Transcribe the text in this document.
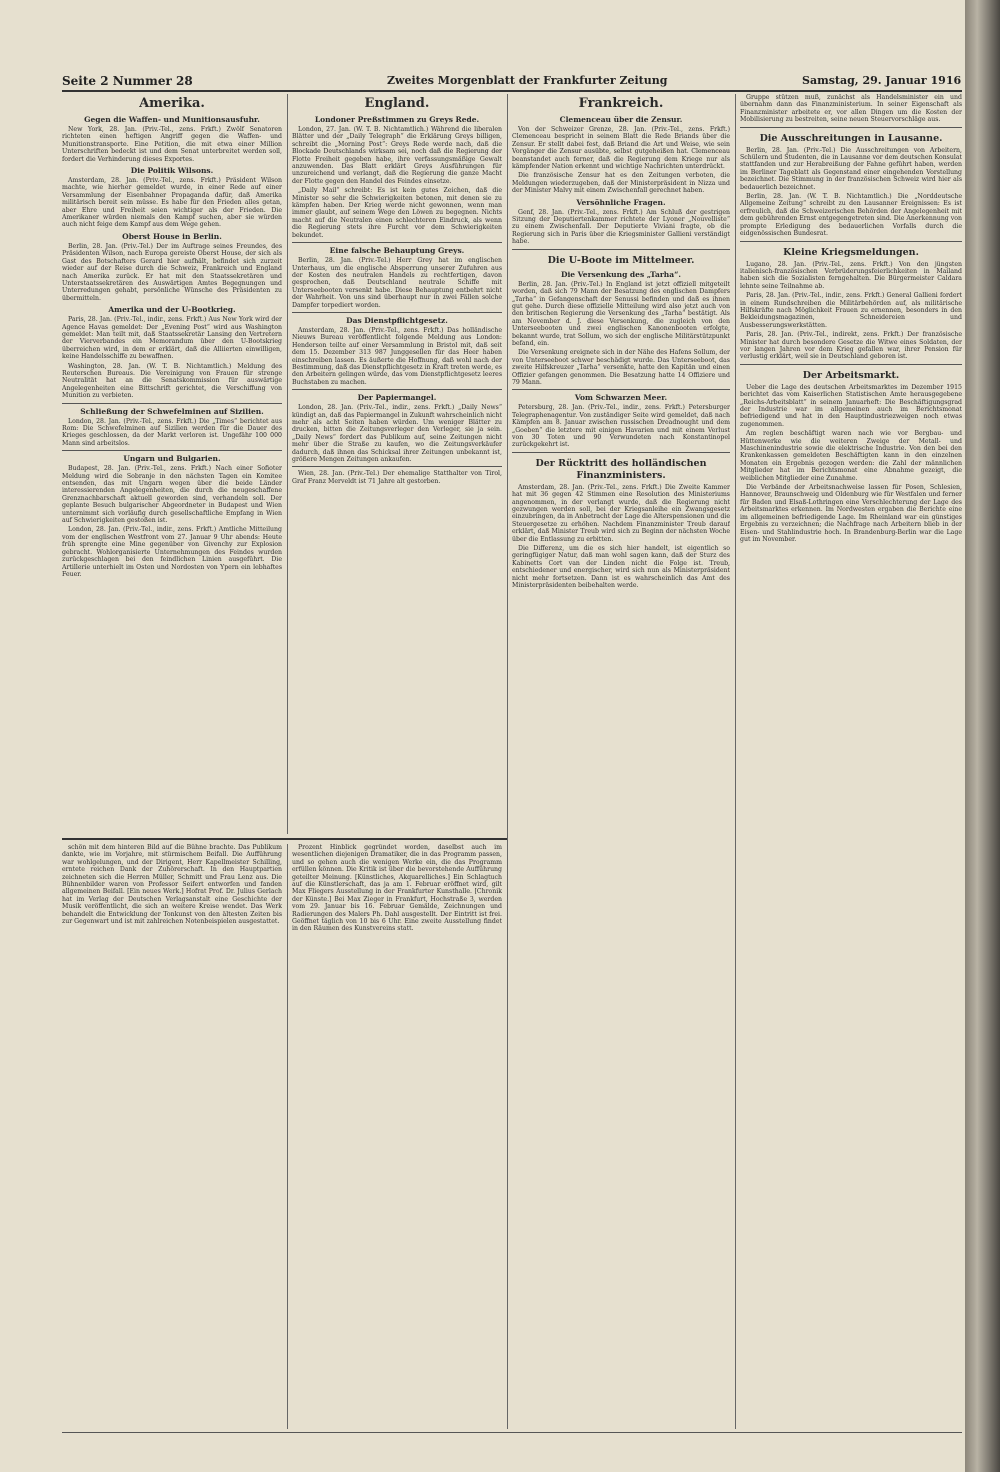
Seite 2 Nummer 28	Zweites Morgenblatt der Frankfurter Zeitung	Samstag, 29. Januar 1916
Amerika.
Gegen die Waffen- und Munitionsausfuhr.

New York, 28. Jan. (Priv.-Tel., zens. Frkft.) Zwölf Senatoren richteten einen heftigen Angriff gegen die Waffen- und Munitionstransporte. Eine Petition, die mit etwa einer Million Unterschriften bedeckt ist und dem Senat unterbreitet werden soll, fordert die Verhinderung dieses Exportes.

Die Politik Wilsons.

Amsterdam, 28. Jan. (Priv.-Tel., zens. Frkft.) Präsident Wilson machte, wie hierher gemeldet wurde, in einer Rede auf einer Versammlung der Eisenbahner Propaganda dafür, daß Amerika militärisch bereit sein müsse. Es habe für den Frieden alles getan, aber Ehre und Freiheit seien wichtiger als der Frieden. Die Amerikaner würden niemals den Kampf suchen, aber sie würden auch nicht feige dem Kampf aus dem Wege gehen.

Oberst House in Berlin.

Berlin, 28. Jan. (Priv.-Tel.) Der im Auftrage seines Freundes, des Präsidenten Wilson, nach Europa gereiste Oberst House, der sich als Gast des Botschafters Gerard hier aufhält, befindet sich zurzeit wieder auf der Reise durch die Schweiz, Frankreich und England nach Amerika zurück. Er hat mit den Staatssekretären und Unterstaatssekretären des Auswärtigen Amtes Begegnungen und Unterredungen gehabt, persönliche Wünsche des Präsidenten zu übermitteln.

Amerika und der U-Bootkrieg.

Paris, 28. Jan. (Priv.-Tel., indir., zens. Frkft.) Aus New York wird der Agence Havas gemeldet: Der „Evening Post“ wird aus Washington gemeldet: Man teilt mit, daß Staatssekretär Lansing den Vertretern der Vierverbandes ein Memorandum über den U-Bootskrieg überreichen wird, in dem er erklärt, daß die Alliierten einwilligen, keine Handelsschiffe zu bewaffnen.

Washington, 28. Jan. (W. T. B. Nichtamtlich.) Meldung des Reuterschen Bureaus. Die Vereinigung von Frauen für strenge Neutralität hat an die Senatskommission für auswärtige Angelegenheiten eine Bittschrift gerichtet, die Verschiffung von Munition zu verbieten.

Schließung der Schwefelminen auf Sizilien.

London, 28. Jan. (Priv.-Tel., zens. Frkft.) Die „Times“ berichtet aus Rom: Die Schwefelminen auf Sizilien werden für die Dauer des Krieges geschlossen, da der Markt verloren ist. Ungefähr 100 000 Mann sind arbeitslos.

Ungarn und Bulgarien.

Budapest, 28. Jan. (Priv.-Tel., zens. Frkft.) Nach einer Sofioter Meldung wird die Sobranje in den nächsten Tagen ein Komitee entsenden, das mit Ungarn wegen über die beide Länder interessierenden Angelegenheiten, die durch die neugeschaffene Grenznachbarschaft aktuell geworden sind, verhandeln soll. Der geplante Besuch bulgarischer Abgeordneter in Budapest und Wien unternimmt sich vorläufig durch gesellschaftliche Empfang in Wien auf Schwierigkeiten gestoßen ist.

London, 28. Jan. (Priv.-Tel., indir., zens. Frkft.) Amtliche Mitteilung vom der englischen Westfront vom 27. Januar 9 Uhr abends: Heute früh sprengte eine Mine gegenüber von Givenchy zur Explosion gebracht. Wohlorganisierte Unternehmungen des Feindes wurden zurückgeschlagen bei den feindlichen Linien ausgeführt. Die Artillerie unterhielt im Osten und Nordosten von Ypern ein lebhaftes Feuer.

England.
Londoner Preßstimmen zu Greys Rede.

London, 27. Jan. (W. T. B. Nichtamtlich.) Während die liberalen Blätter und der „Daily Telegraph“ die Erklärung Greys billigen, schreibt die „Morning Post“: Greys Rede werde nach, daß die Blockade Deutschlands wirksam sei, noch daß die Regierung der Flotte Freiheit gegeben habe, ihre verfassungsmäßige Gewalt anzuwenden. Das Blatt erklärt Greys Ausführungen für unzureichend und verlangt, daß die Regierung die ganze Macht der Flotte gegen den Handel des Feindes einsetze.

„Daily Mail“ schreibt: Es ist kein gutes Zeichen, daß die Minister so sehr die Schwierigkeiten betonen, mit denen sie zu kämpfen haben. Der Krieg werde nicht gewonnen, wenn man immer glaubt, auf seinem Wege den Löwen zu begegnen. Nichts macht auf die Neutralen einen schlechteren Eindruck, als wenn die Regierung stets ihre Furcht vor dem Schwierigkeiten bekundet.

Eine falsche Behauptung Greys.

Berlin, 28. Jan. (Priv.-Tel.) Herr Grey hat im englischen Unterhaus, um die englische Absperrung unserer Zufuhren aus der Kosten des neutralen Handels zu rechtfertigen, davon gesprochen, daß Deutschland neutrale Schiffe mit Unterseebooten versenkt habe. Diese Behauptung entbehrt nicht der Wahrheit. Von uns sind überhaupt nur in zwei Fällen solche Dampfer torpediert worden.

Das Dienstpflichtgesetz.

Amsterdam, 28. Jan. (Priv.-Tel., zens. Frkft.) Das holländische Nieuws Bureau veröffentlicht folgende Meldung aus London: Henderson teilte auf einer Versammlung in Bristol mit, daß seit dem 15. Dezember 313 987 Junggesellen für das Heer haben einschreiben lassen. Es äußerte die Hoffnung, daß wohl nach der Bestimmung, daß das Dienstpflichtgesetz in Kraft treten werde, es den Arbeitern gelingen würde, das vom Dienstpflichtgesetz leeres Buchstaben zu machen.

Der Papiermangel.

London, 28. Jan. (Priv.-Tel., indir., zens. Frkft.) „Daily News“ kündigt an, daß das Papiermangel in Zukunft wahrscheinlich nicht mehr als acht Seiten haben würden. Um weniger Blätter zu drucken, bitten die Zeitungsverleger den Verleger, sie ja sein. „Daily News“ fordert das Publikum auf, seine Zeitungen nicht mehr über die Straße zu kaufen, wo die Zeitungsverkäufer dadurch, daß ihnen das Schicksal ihrer Zeitungen unbekannt ist, größere Mengen Zeitungen ankaufen.

Wien, 28. Jan. (Priv.-Tel.) Der ehemalige Statthalter von Tirol, Graf Franz Merveldt ist 71 Jahre alt gestorben.

Frankreich.
Clemenceau über die Zensur.

Von der Schweizer Grenze, 28. Jan. (Priv.-Tel., zens. Frkft.) Clemenceau bespricht in seinem Blatt die Rede Briands über die Zensur. Er stellt dabei fest, daß Briand die Art und Weise, wie sein Vorgänger die Zensur ausübte, selbst gutgeheißen hat. Clemenceau beanstandet auch ferner, daß die Regierung dem Kriege nur als kämpfender Nation erkennt und wichtige Nachrichten unterdrückt.

Die französische Zensur hat es den Zeitungen verboten, die Meldungen wiederzugeben, daß der Ministerpräsident in Nizza und der Minister Malvy mit einem Zwischenfall gerechnet haben.

Versöhnliche Fragen.

Genf, 28. Jan. (Priv.-Tel., zens. Frkft.) Am Schluß der gestrigen Sitzung der Deputiertenkammer richtete der Lyoner „Nouvelliste“ zu einem Zwischenfall. Der Deputierte Viviani fragte, ob die Regierung sich in Paris über die Kriegsminister Gallieni verständigt habe.

Die U-Boote im Mittelmeer.
Die Versenkung des „Tarha“.

Berlin, 28. Jan. (Priv.-Tel.) In England ist jetzt offiziell mitgeteilt worden, daß sich 79 Mann der Besatzung des englischen Dampfers „Tarha“ in Gefangenschaft der Senussi befinden und daß es ihnen gut gehe. Durch diese offizielle Mitteilung wird also jetzt auch von den britischen Regierung die Versenkung des „Tarha“ bestätigt. Als am November d. J. diese Versenkung, die zugleich von den Unterseebooten und zwei englischen Kanonenbooten erfolgte, bekannt wurde, trat Sollum, wo sich der englische Militärstützpunkt befand, ein.

Die Versenkung ereignete sich in der Nähe des Hafens Sollum, der von Unterseeboot schwer beschädigt wurde. Das Unterseeboot, das zweite Hilfskreuzer „Tarha“ versenkte, hatte den Kapitän und einen Offizier gefangen genommen. Die Besatzung hatte 14 Offiziere und 79 Mann.

Vom Schwarzen Meer.

Petersburg, 28. Jan. (Priv.-Tel., indir., zens. Frkft.) Petersburger Telegraphenagentur. Von zuständiger Seite wird gemeldet, daß nach Kämpfen am 8. Januar zwischen russischen Dreadnought und dem „Goeben“ die letztere mit einigen Havarien und mit einem Verlust von 30 Toten und 90 Verwundeten nach Konstantinopel zurückgekehrt ist.

Der Rücktritt des holländischen Finanzministers.

Amsterdam, 28. Jan. (Priv.-Tel., zens. Frkft.) Die Zweite Kammer hat mit 36 gegen 42 Stimmen eine Resolution des Ministeriums angenommen, in der verlangt wurde, daß die Regierung nicht gezwungen werden soll, bei der Kriegsanleihe ein Zwangsgesetz einzubringen, da in Anbetracht der Lage die Alterspensionen und die Steuergesetze zu erhöhen. Nachdem Finanzminister Treub darauf erklärt, daß Minister Treub wird sich zu Beginn der nächsten Woche über die Entlassung zu erbitten.

Die Differenz, um die es sich hier handelt, ist eigentlich so geringfügiger Natur, daß man wohl sagen kann, daß der Sturz des Kabinetts Cort van der Linden nicht die Folge ist. Treub, entschiedener und energischer, wird sich nun als Ministerpräsident nicht mehr fortsetzen. Dann ist es wahrscheinlich das Amt des Ministerpräsidenten beibehalten werde.

Gruppe stützen muß, zunächst als Handelsminister ein und übernahm dann das Finanzministerium. In seiner Eigenschaft als Finanzminister arbeitete er, vor allen Dingen um die Kosten der Mobilisierung zu bestreiten, seine neuen Steuervorschläge aus.

Die Ausschreitungen in Lausanne.

Berlin, 28. Jan. (Priv.-Tel.) Die Ausschreitungen von Arbeitern, Schülern und Studenten, die in Lausanne vor dem deutschen Konsulat stattfanden und zur Herabreißung der Fahne geführt haben, werden im Berliner Tageblatt als Gegenstand einer eingehenden Vorstellung bezeichnet. Die Stimmung in der französischen Schweiz wird hier als bedauerlich bezeichnet.

Berlin, 28. Jan. (W. T. B. Nichtamtlich.) Die „Norddeutsche Allgemeine Zeitung“ schreibt zu den Lausanner Ereignissen: Es ist erfreulich, daß die Schweizerischen Behörden der Angelegenheit mit dem gebührenden Ernst entgegengetreten sind. Die Anerkennung von prompte Erledigung des bedauerlichen Vorfalls durch die eidgenössischen Bundesrat.

Kleine Kriegsmeldungen.

Lugano, 28. Jan. (Priv.-Tel., zens. Frkft.) Von den jüngsten italienisch-französischen Verbrüderungsfeierlichkeiten in Mailand haben sich die Sozialisten ferngehalten. Die Bürgermeister Caldara lehnte seine Teilnahme ab.

Paris, 28. Jan. (Priv.-Tel., indir., zens. Frkft.) General Gallieni fordert in einem Rundschreiben die Militärbehörden auf, als militärische Hilfskräfte nach Möglichkeit Frauen zu ernennen, besonders in den Bekleidungsmagazinen, Schneidereien und Ausbesserungswerkstätten.

Paris, 28. Jan. (Priv.-Tel., indirekt, zens. Frkft.) Der französische Minister hat durch besondere Gesetze die Witwe eines Soldaten, der vor langen Jahren vor dem Krieg gefallen war, ihrer Pension für verlustig erklärt, weil sie in Deutschland geboren ist.

Der Arbeitsmarkt.

Ueber die Lage des deutschen Arbeitsmarktes im Dezember 1915 berichtet das vom Kaiserlichen Statistischen Amte herausgegebene „Reichs-Arbeitsblatt“ in seinem Januarheft: Die Beschäftigungsgrad der Industrie war im allgemeinen auch im Berichtsmonat befriedigend und hat in den Hauptindustriezweigen noch etwas zugenommen.

Am reglen beschäftigt waren nach wie vor Bergbau- und Hüttenwerke wie die weiteren Zweige der Metall- und Maschinenindustrie sowie die elektrische Industrie. Von den bei den Krankenkassen gemeldeten Beschäftigten kann in den einzelnen Monaten ein Ergebnis gezogen werden: die Zahl der männlichen Mitglieder hat im Berichtsmonat eine Abnahme gezeigt, die weiblichen Mitglieder eine Zunahme.

Die Verbände der Arbeitsnachweise lassen für Posen, Schlesien, Hannover, Braunschweig und Oldenburg wie für Westfalen und ferner für Baden und Elsaß-Lothringen eine Verschlechterung der Lage des Arbeitsmarktes erkennen. Im Nordwesten ergaben die Berichte eine im allgemeinen befriedigende Lage. Im Rheinland war ein günstiges Ergebnis zu verzeichnen; die Nachfrage nach Arbeitern blieb in der Eisen- und Stahlindustrie hoch. In Brandenburg-Berlin war die Lage gut im November.

schön mit dem hinteren Bild auf die Bühne brachte. Das Publikum dankte, wie im Vorjahre, mit stürmischem Beifall. Die Aufführung war wohlgelungen, und der Dirigent, Herr Kapellmeister Schilling, erntete reichen Dank der Zuhörerschaft. In den Hauptpartien zeichneten sich die Herren Müller, Schmitt und Frau Lenz aus. Die Bühnenbilder waren von Professor Seifert entworfen und fanden allgemeinen Beifall. [Ein neues Werk.] Hofrat Prof. Dr. Julius Gerlach hat im Verlag der Deutschen Verlagsanstalt eine Geschichte der Musik veröffentlicht, die sich an weitere Kreise wendet. Das Werk behandelt die Entwicklung der Tonkunst von den ältesten Zeiten bis zur Gegenwart und ist mit zahlreichen Notenbeispielen ausgestattet.

Prozent Hinblick gegründet worden, daselbst auch im wesentlichen diejenigen Dramatiker, die in das Programm passen, und so gehen auch die wenigen Werke ein, die das Programm erfüllen können. Die Kritik ist über die bevorstehende Aufführung geteilter Meinung. [Künstliches, Akquarelliches.] Ein Schlagtuch auf die Künstlerschaft, das ja am 1. Februar eröffnet wird, gilt Max Fliegers Ausstellung in der Frankfurter Kunsthalle. [Chronik der Künste.] Bei Max Zieger in Frankfurt, Hochstraße 3, werden vom 29. Januar bis 16. Februar Gemälde, Zeichnungen und Radierungen des Malers Ph. Dahl ausgestellt. Der Eintritt ist frei. Geöffnet täglich von 10 bis 6 Uhr. Eine zweite Ausstellung findet in den Räumen des Kunstvereins statt.
